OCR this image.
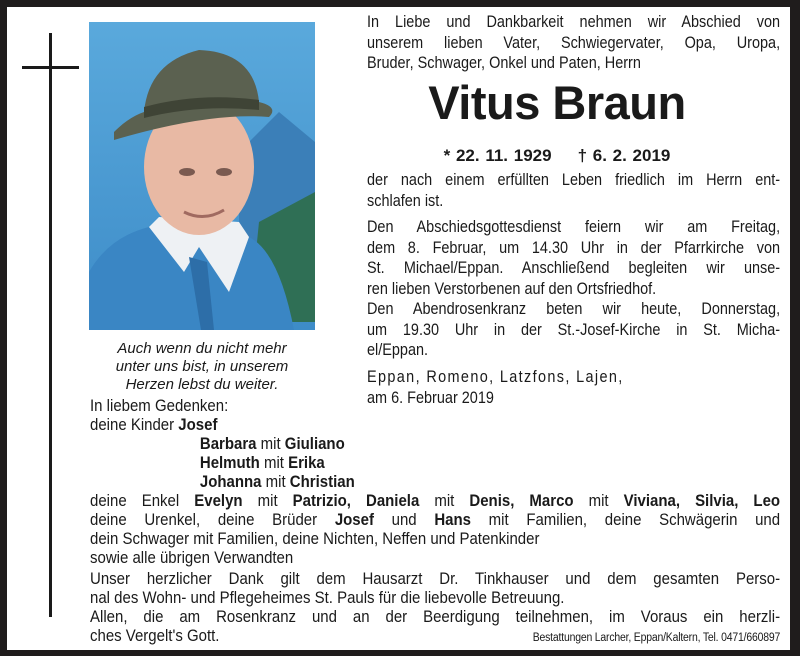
Auch wenn du nicht mehr
unter uns bist, in unserem
Herzen lebst du weiter.
In Liebe und Dankbarkeit nehmen wir Abschied von
unserem lieben Vater, Schwiegervater, Opa, Uropa,
Bruder, Schwager, Onkel und Paten, Herrn
Vitus Braun
* 22. 11. 1929 † 6. 2. 2019
der nach einem erfüllten Leben friedlich im Herrn ent-
schlafen ist.
Den Abschiedsgottesdienst feiern wir am Freitag,
dem 8. Februar, um 14.30 Uhr in der Pfarrkirche von
St. Michael/Eppan. Anschließend begleiten wir unse-
ren lieben Verstorbenen auf den Ortsfriedhof.
Den Abendrosenkranz beten wir heute, Donnerstag,
um 19.30 Uhr in der St.-Josef-Kirche in St. Micha-
el/Eppan.
Eppan, Romeno, Latzfons, Lajen,
am 6. Februar 2019
In liebem Gedenken:
deine Kinder Josef
Barbara mit Giuliano
Helmuth mit Erika
Johanna mit Christian
deine Enkel Evelyn mit Patrizio, Daniela mit Denis, Marco mit Viviana, Silvia, Leo
deine Urenkel, deine Brüder Josef und Hans mit Familien, deine Schwägerin und
dein Schwager mit Familien, deine Nichten, Neffen und Patenkinder
sowie alle übrigen Verwandten
Unser herzlicher Dank gilt dem Hausarzt Dr. Tinkhauser und dem gesamten Perso-
nal des Wohn- und Pflegeheimes St. Pauls für die liebevolle Betreuung.
Allen, die am Rosenkranz und an der Beerdigung teilnehmen, im Voraus ein herzli-
ches Vergelt's Gott.	Bestattungen Larcher, Eppan/Kaltern, Tel. 0471/660897
